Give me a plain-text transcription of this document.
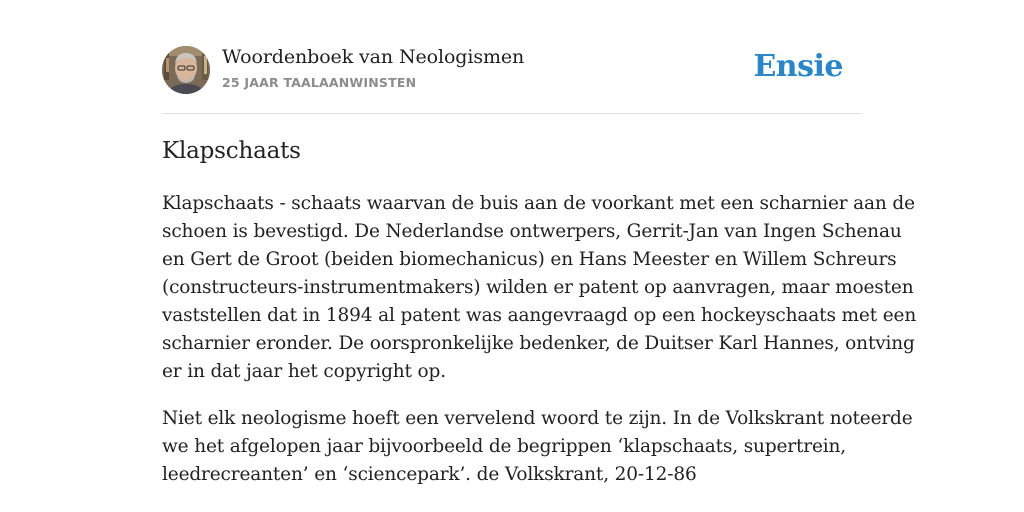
Woordenboek van Neologismen
25 JAAR TAALAANWINSTEN	Ensie
Klapschaats

Klapschaats - schaats waarvan de buis aan de voorkant met een scharnier aan de
schoen is bevestigd. De Nederlandse ontwerpers, Gerrit-Jan van Ingen Schenau
en Gert de Groot (beiden biomechanicus) en Hans Meester en Willem Schreurs
(constructeurs-instrumentmakers) wilden er patent op aanvragen, maar moesten
vaststellen dat in 1894 al patent was aangevraagd op een hockeyschaats met een
scharnier eronder. De oorspronkelijke bedenker, de Duitser Karl Hannes, ontving
er in dat jaar het copyright op.

Niet elk neologisme hoeft een vervelend woord te zijn. In de Volkskrant noteerde
we het afgelopen jaar bijvoorbeeld de begrippen ‘klapschaats, supertrein,
leedrecreanten’ en ‘sciencepark’. de Volkskrant, 20-12-86
